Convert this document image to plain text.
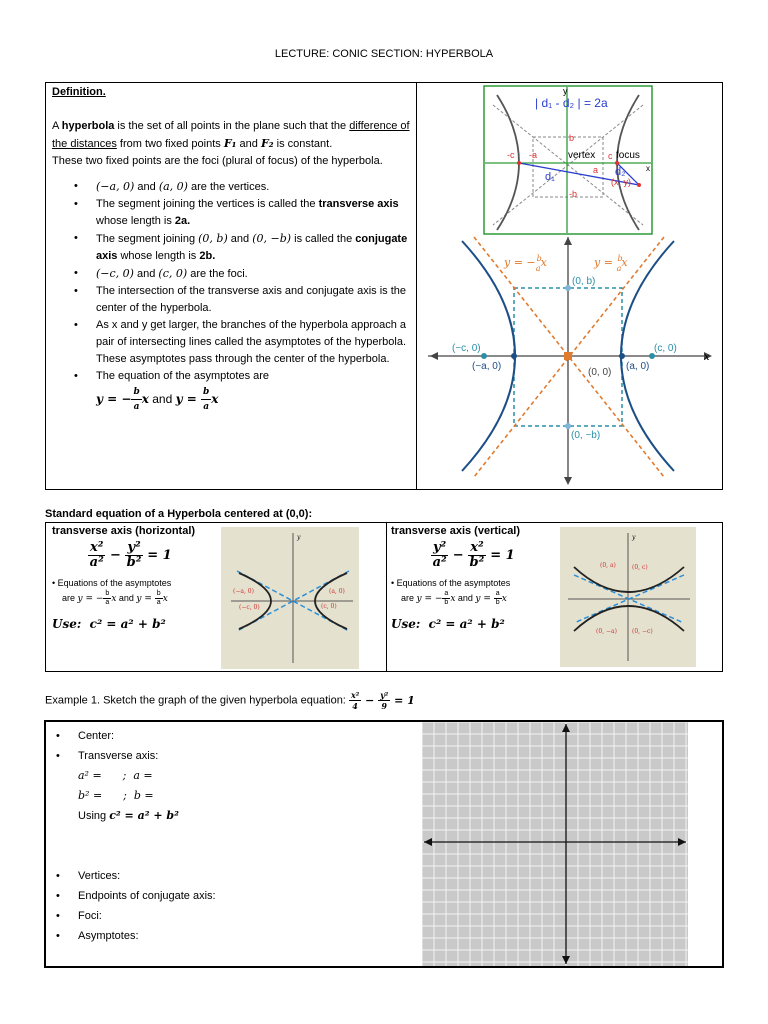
LECTURE: CONIC SECTION: HYPERBOLA

Definition.

A hyperbola is the set of all points in the plane such that the difference of the distances from two fixed points F₁ and F₂ is constant.

These two fixed points are the foci (plural of focus) of the hyperbola.

• (−a, 0) and (a, 0) are the vertices.
• The segment joining the vertices is called the transverse axis whose length is 2a.
• The segment joining (0, b) and (0, −b) is called the conjugate axis whose length is 2b.
• (−c, 0) and (c, 0) are the foci.
• The intersection of the transverse axis and conjugate axis is the center of the hyperbola.
• As x and y get larger, the branches of the hyperbola approach a pair of intersecting lines called the asymptotes of the hyperbola. These asymptotes pass through the center of the hyperbola.
• The equation of the asymptotes are
y = − $\frac{b}{a}$ x and $y = \frac{b}{a}$ x
y
x
| d₁ - d₂ | = 2a
b
-b
-c -a
a
c
vertex focus
d₁	d₂
(x, y)
y = −$^b$ ax	y = $^b$ ax
(0, b)
(−c, 0)
(−a, 0)
(0, 0)
(a, 0)
(c, 0)
(0, −b)
x
Standard equation of a Hyperbola centered at (0,0):
transverse axis (horizontal)
$\frac{\text{x²}}{\text{a²}} - \frac{\text{y²}}{\text{b²}} = 1$
• Equations of the asymptotes
are y = − $\frac{b}{a}$ x and $y = \frac{b}{a}$ x
Use: c² = a² + b²
y
(−a, 0)
(−c, 0)
(a, 0)
(c, 0)
transverse axis (vertical)
$\frac{\text{y²}}{\text{a²}} - \frac{\text{x²}}{\text{b²}} = 1$
• Equations of the asymptotes
are y = − $\frac{a}{b}$ x and $y = \frac{a}{b}$ x
Use: c² = a² + b²
y
(0, a)	(0, c)
(0, −a)	(0, −c)
Example 1. Sketch the graph of the given hyperbola equation: $\frac{\text{x²}}{4} - \frac{\text{y²}}{9} = 1$
• Center:
• Transverse axis:
a² =      ;  a =
b² =      ;  b =
Using c² = a² + b²
• Vertices:
• Endpoints of conjugate axis:
• Foci:
• Asymptotes:
